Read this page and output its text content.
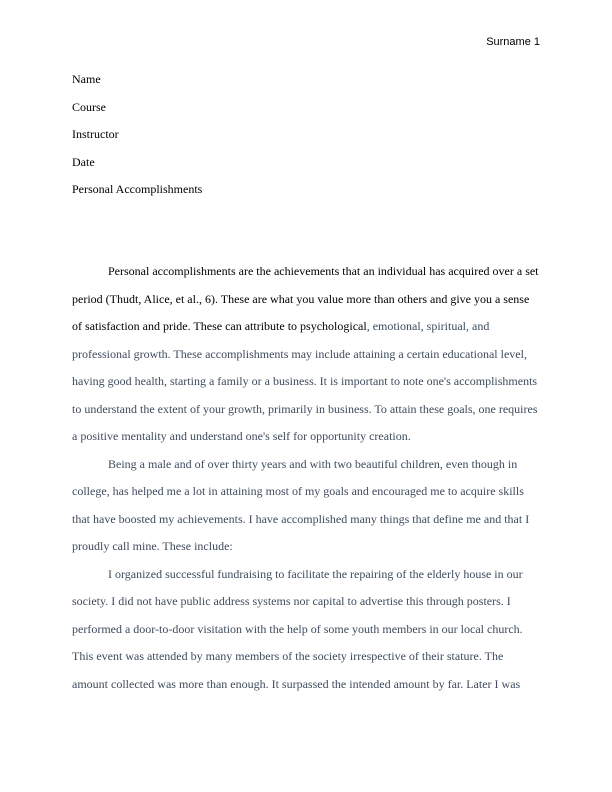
Surname 1
Name
Course
Instructor
Date
Personal Accomplishments
Personal accomplishments are the achievements that an individual has acquired over a set
period (Thudt, Alice, et al., 6). These are what you value more than others and give you a sense
of satisfaction and pride. These can attribute to psychological, emotional, spiritual, and
professional growth. These accomplishments may include attaining a certain educational level,
having good health, starting a family or a business. It is important to note one's accomplishments
to understand the extent of your growth, primarily in business. To attain these goals, one requires
a positive mentality and understand one's self for opportunity creation.
Being a male and of over thirty years and with two beautiful children, even though in
college, has helped me a lot in attaining most of my goals and encouraged me to acquire skills
that have boosted my achievements. I have accomplished many things that define me and that I
proudly call mine. These include:
I organized successful fundraising to facilitate the repairing of the elderly house in our
society. I did not have public address systems nor capital to advertise this through posters. I
performed a door-to-door visitation with the help of some youth members in our local church.
This event was attended by many members of the society irrespective of their stature. The
amount collected was more than enough. It surpassed the intended amount by far. Later I was
